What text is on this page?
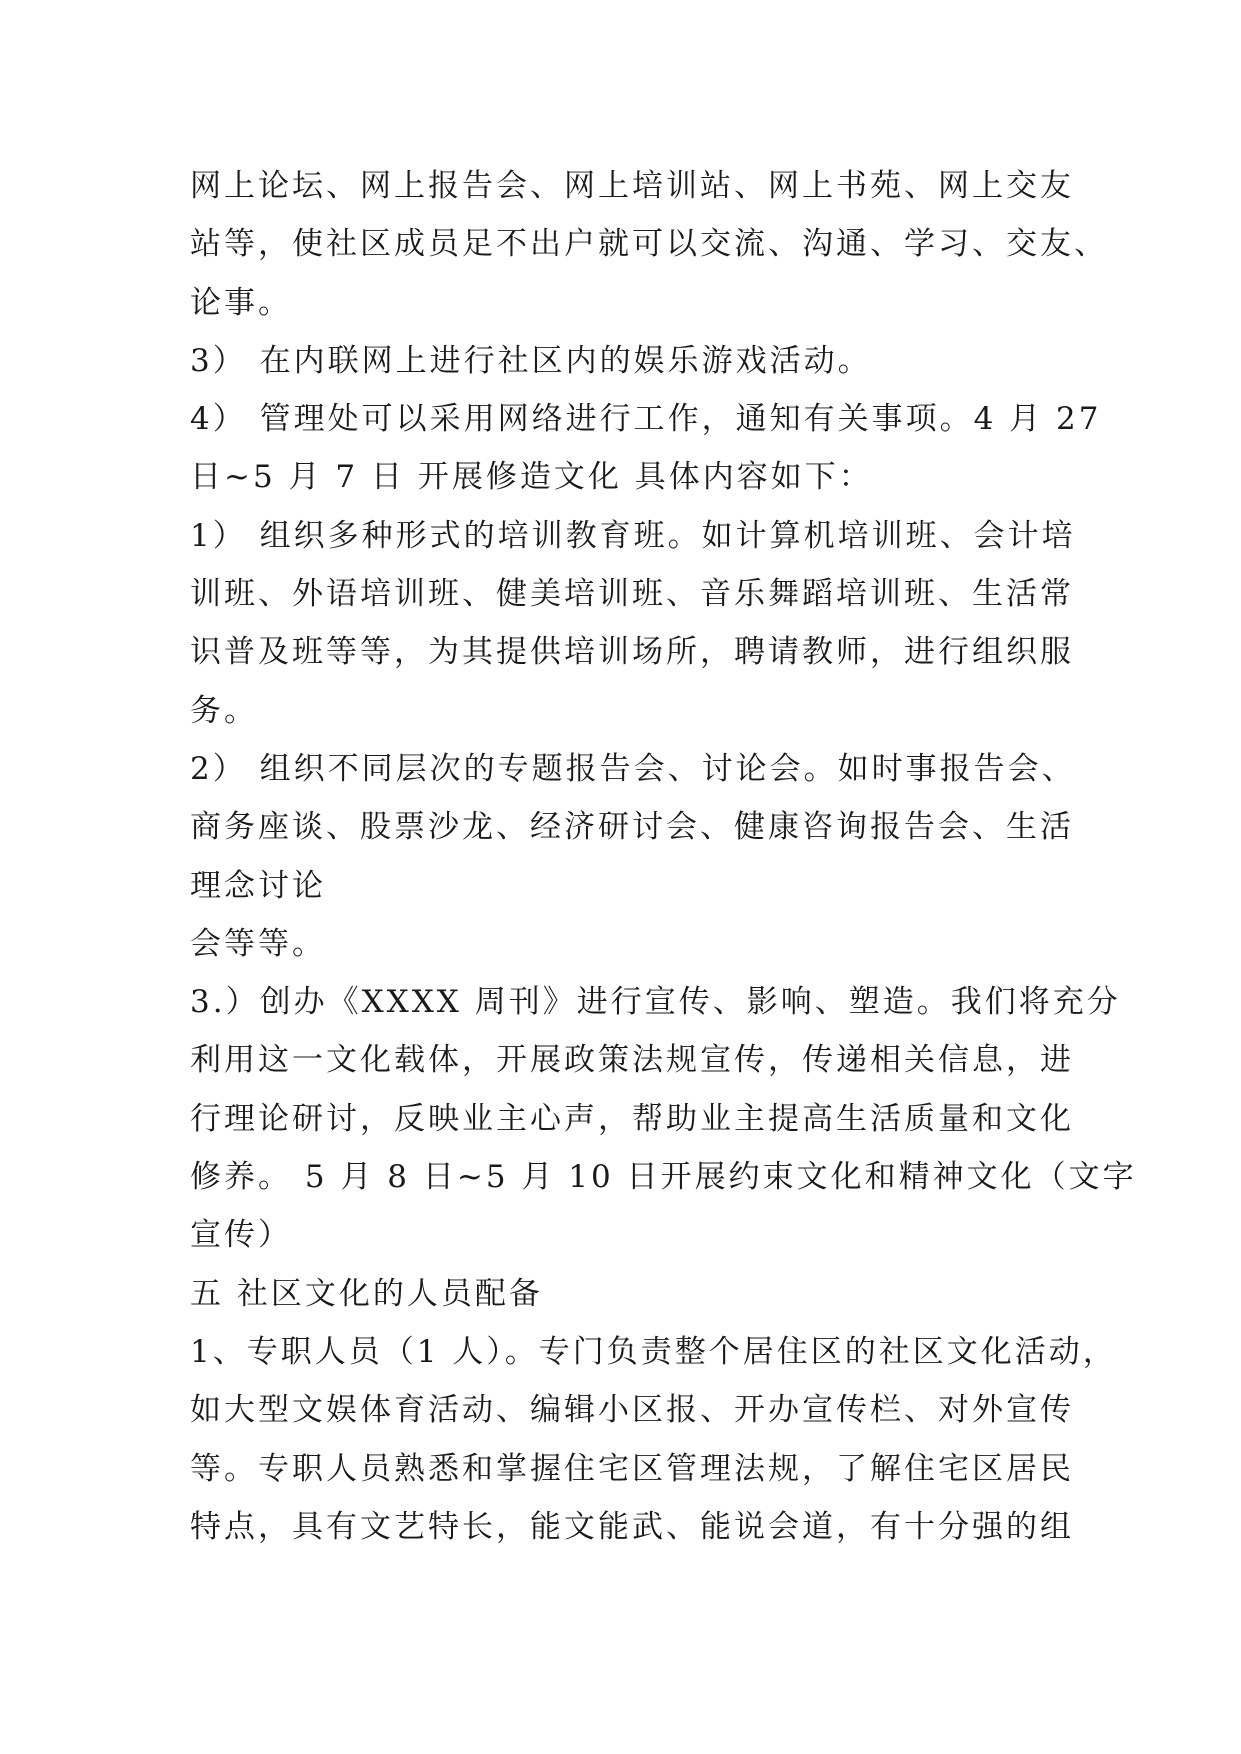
网上论坛、网上报告会、网上培训站、网上书苑、网上交友
站等，使社区成员足不出户就可以交流、沟通、学习、交友、
论事。
3） 在内联网上进行社区内的娱乐游戏活动。
4） 管理处可以采用网络进行工作，通知有关事项。4 月 27
日~5 月 7 日 开展修造文化 具体内容如下：
1） 组织多种形式的培训教育班。如计算机培训班、会计培
训班、外语培训班、健美培训班、音乐舞蹈培训班、生活常
识普及班等等，为其提供培训场所，聘请教师，进行组织服
务。
2） 组织不同层次的专题报告会、讨论会。如时事报告会、
商务座谈、股票沙龙、经济研讨会、健康咨询报告会、生活
理念讨论
会等等。
3.）创办《XXXX 周刊》进行宣传、影响、塑造。我们将充分
利用这一文化载体，开展政策法规宣传，传递相关信息，进
行理论研讨，反映业主心声，帮助业主提高生活质量和文化
修养。 5 月 8 日~5 月 10 日开展约束文化和精神文化（文字
宣传）
五 社区文化的人员配备
1、专职人员（1 人）。专门负责整个居住区的社区文化活动，
如大型文娱体育活动、编辑小区报、开办宣传栏、对外宣传
等。专职人员熟悉和掌握住宅区管理法规，了解住宅区居民
特点，具有文艺特长，能文能武、能说会道，有十分强的组
